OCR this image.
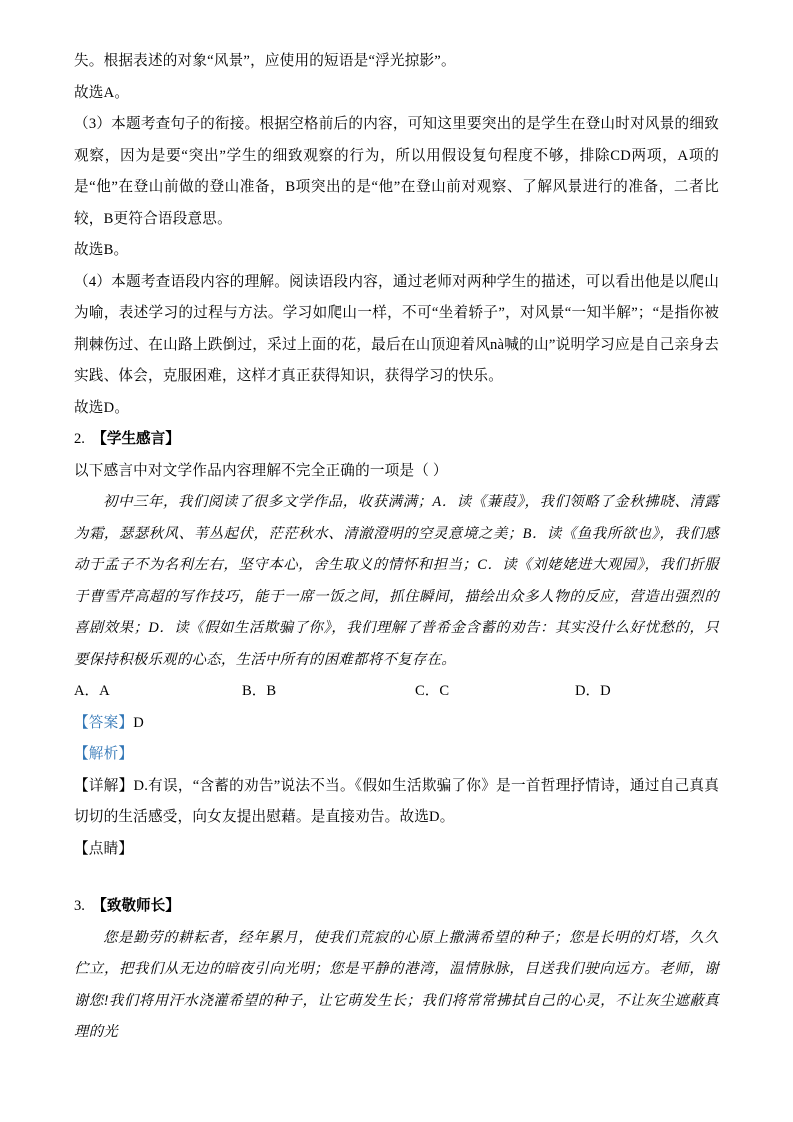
失。根据表述的对象“风景”，应使用的短语是“浮光掠影”。

故选A。

（3）本题考查句子的衔接。根据空格前后的内容，可知这里要突出的是学生在登山时对风景的细致观察，因为是要“突出”学生的细致观察的行为，所以用假设复句程度不够，排除CD两项，A项的是“他”在登山前做的登山准备，B项突出的是“他”在登山前对观察、了解风景进行的准备，二者比较，B更符合语段意思。

故选B。

（4）本题考查语段内容的理解。阅读语段内容，通过老师对两种学生的描述，可以看出他是以爬山为喻，表述学习的过程与方法。学习如爬山一样，不可“坐着轿子”，对风景“一知半解”；“是指你被荆棘伤过、在山路上跌倒过，采过上面的花，最后在山顶迎着风nà喊的山”说明学习应是自己亲身去实践、体会，克服困难，这样才真正获得知识，获得学习的快乐。

故选D。

2. 【学生感言】

以下感言中对文学作品内容理解不完全正确的一项是（ ）

初中三年，我们阅读了很多文学作品，收获满满；A．读《蒹葭》，我们领略了金秋拂晓、清露为霜，瑟瑟秋风、苇丛起伏，茫茫秋水、清澈澄明的空灵意境之美；B．读《鱼我所欲也》，我们感动于孟子不为名利左右，坚守本心，舍生取义的情怀和担当；C．读《刘姥姥进大观园》，我们折服于曹雪芹高超的写作技巧，能于一席一饭之间，抓住瞬间，描绘出众多人物的反应，营造出强烈的喜剧效果；D．读《假如生活欺骗了你》，我们理解了普希金含蓄的劝告：其实没什么好忧愁的，只要保持积极乐观的心态，生活中所有的困难都将不复存在。

A．A	B．B	C．C	D．D

【答案】D

【解析】

【详解】D.有误，“含蓄的劝告”说法不当。《假如生活欺骗了你》是一首哲理抒情诗，通过自己真真切切的生活感受，向女友提出慰藉。是直接劝告。故选D。

【点睛】

3. 【致敬师长】

您是勤劳的耕耘者，经年累月，使我们荒寂的心原上撒满希望的种子；您是长明的灯塔，久久伫立，把我们从无边的暗夜引向光明；您是平静的港湾，温情脉脉，目送我们驶向远方。老师，谢谢您!我们将用汗水浇灌希望的种子，让它萌发生长；我们将常常拂拭自己的心灵，不让灰尘遮蔽真理的光
